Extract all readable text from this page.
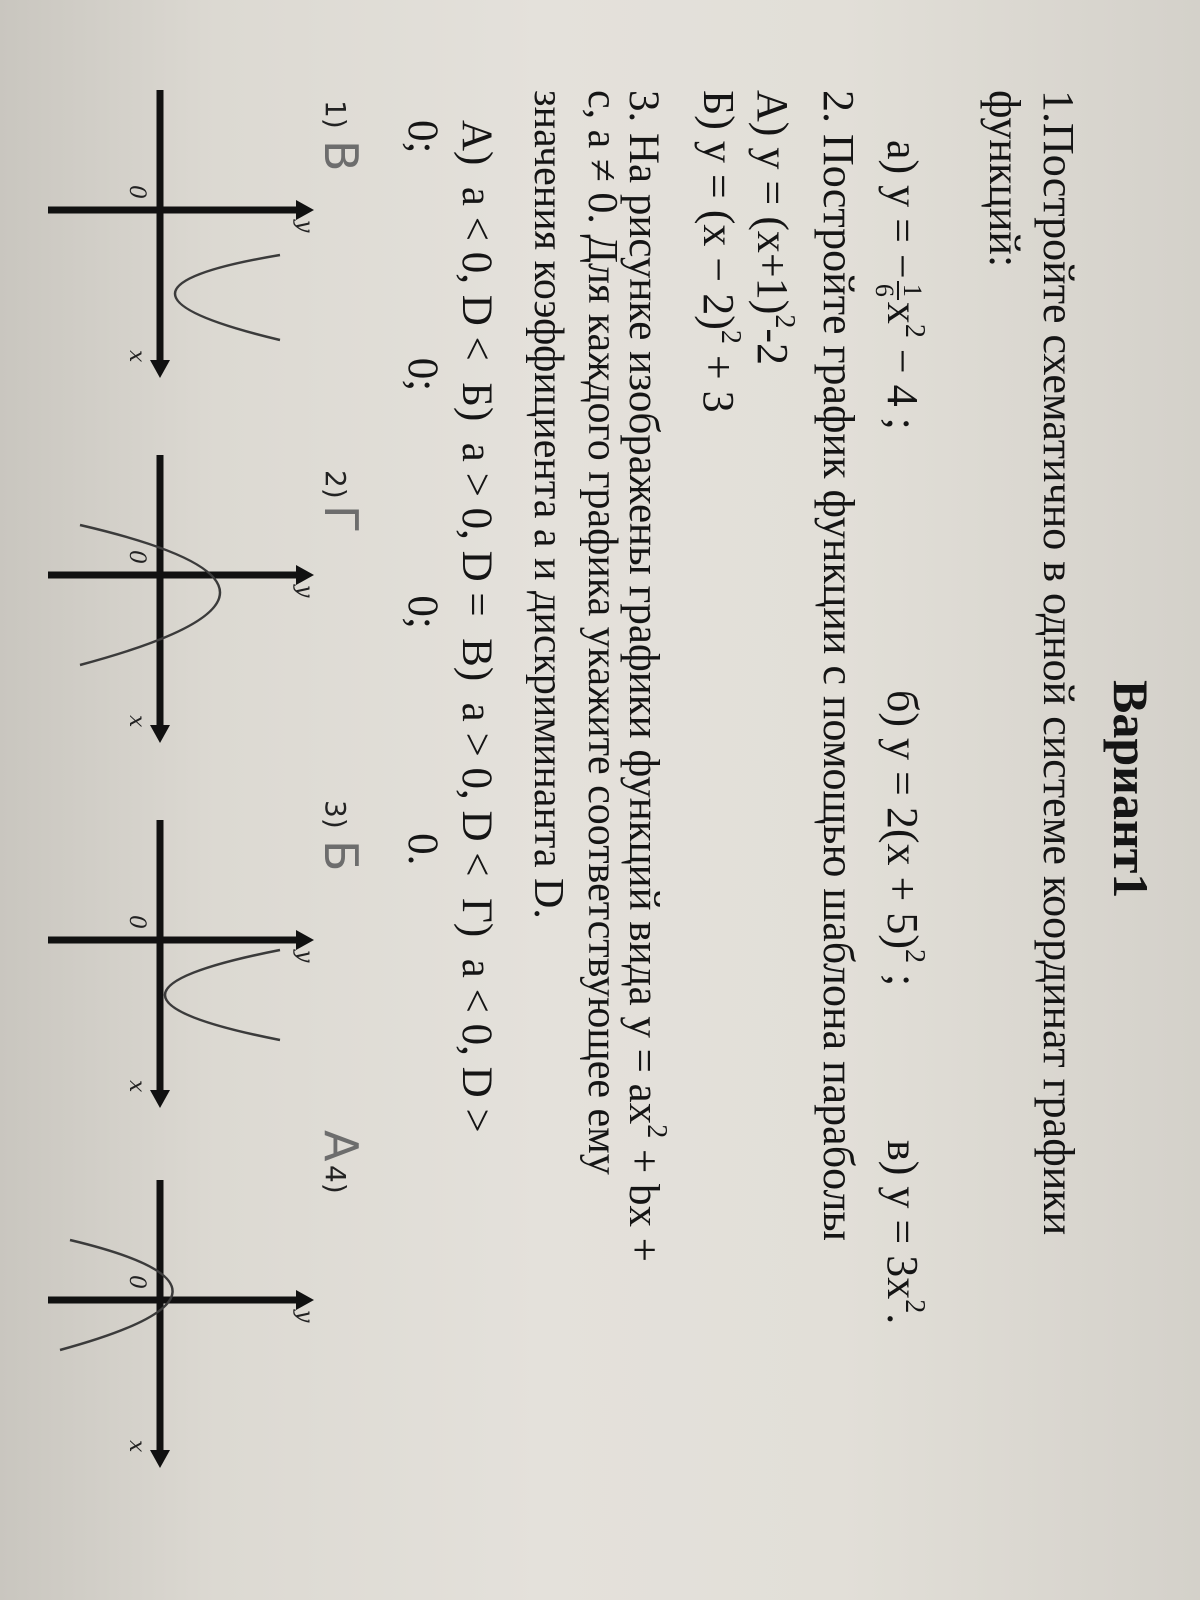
Вариант1
1.Постройте схематично в одной системе координат графики
функций:
а) у = −
1
6
$х^2 - 4$ ;
б) $у = 2(х + 5)^2$ ;
в) $у = 3х^2$.
2. Постройте график функции с помощью шаблона параболы
А) $у = (х+1)^2-2$
Б) $y = (x - 2)^2 + 3$
3. На рисунке изображены графики функций вида $y = ax^2$ + bx +
c, a ≠ 0. Для каждого графика укажите соответствующее ему
значения коэффициента a и дискриминанта D.
А)  a < 0, D <  Б)  a > 0, D =  В)  a > 0, D <  Г)  a < 0, D >
0;                   0;                   0;                   0.
1)
В
2)
Г
3)
Б
А
4)
0
x
y
0
x
y
0
x
y
0
x
y
